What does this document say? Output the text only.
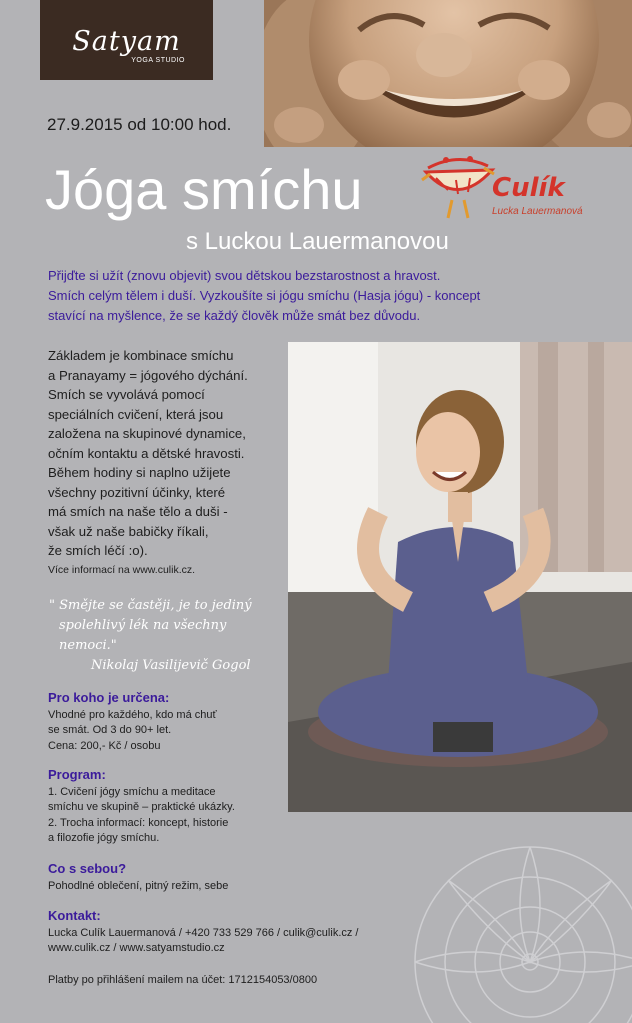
Satyam
YOGA STUDIO
27.9.2015 od 10:00 hod.
Jóga smíchu
s Luckou Lauermanovou
Culík
Lucka Lauermanová
Přijďte si užít (znovu objevit) svou dětskou bezstarostnost a hravost.
Smích celým tělem i duší. Vyzkoušíte si jógu smíchu (Hasja jógu) - koncept
stavící na myšlence, že se každý člověk může smát bez důvodu.
Základem je kombinace smíchu
a Pranayamy = jógového dýchání.
Smích se vyvolává pomocí
speciálních cvičení, která jsou
založena na skupinové dynamice,
očním kontaktu a dětské hravosti.
Během hodiny si naplno užijete
všechny pozitivní účinky, které
má smích na naše tělo a duši -
však už naše babičky říkali,
že smích léčí :o).
Více informací na www.culik.cz.
" Smějte se častěji, je to jediný
spolehlivý lék na všechny
nemoci."
Nikolaj Vasilijevič Gogol
Pro koho je určena:
Vhodné pro každého, kdo má chuť
se smát. Od 3 do 90+ let.
Cena: 200,- Kč / osobu
Program:
1. Cvičení jógy smíchu a meditace
smíchu ve skupině – praktické ukázky.
2. Trocha informací: koncept, historie
a filozofie jógy smíchu.
Co s sebou?
Pohodlné oblečení, pitný režim, sebe
Kontakt:
Lucka Culík Lauermanová / +420 733 529 766 / culik@culik.cz /
www.culik.cz / www.satyamstudio.cz
Platby po přihlášení mailem na účet: 1712154053/0800
